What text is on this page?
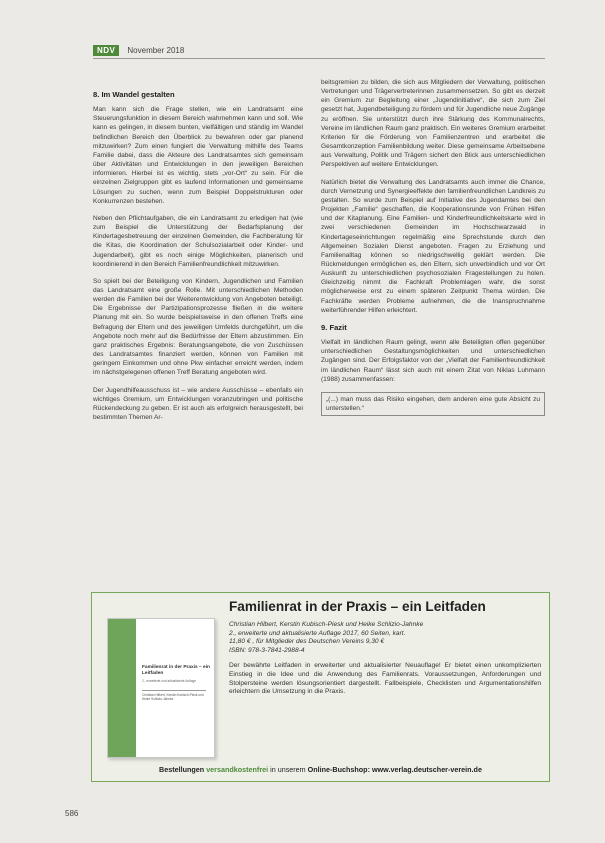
NDV	November 2018
8. Im Wandel gestalten

Man kann sich die Frage stellen, wie ein Landratsamt eine Steuerungsfunktion in diesem Bereich wahrnehmen kann und soll. Wie kann es gelingen, in diesem bunten, vielfältigen und ständig im Wandel befindlichen Bereich den Überblick zu bewahren oder gar planend mitzuwirken? Zum einen fungiert die Verwaltung mithilfe des Teams Familie dabei, dass die Akteure des Landratsamtes sich gemeinsam über Aktivitäten und Entwicklungen in den jeweiligen Bereichen informieren. Hierbei ist es wichtig, stets „vor-Ort“ zu sein. Für die einzelnen Zielgruppen gibt es laufend Informationen und gemeinsame Lösungen zu suchen, wenn zum Beispiel Doppelstrukturen oder Konkurrenzen bestehen.

Neben den Pflichtaufgaben, die ein Landratsamt zu erledigen hat (wie zum Beispiel die Unterstützung der Bedarfsplanung der Kindertagesbetreuung der einzelnen Gemeinden, die Fachberatung für die Kitas, die Koordination der Schulsozialarbeit oder Kinder- und Jugendarbeit), gibt es noch einige Möglichkeiten, planerisch und koordinierend in den Bereich Familienfreundlichkeit mitzuwirken.

So spielt bei der Beteiligung von Kindern, Jugendlichen und Familien das Landratsamt eine große Rolle. Mit unterschiedlichen Methoden werden die Familien bei der Weiterentwicklung von Angeboten beteiligt. Die Ergebnisse der Partizipationsprozesse fließen in die weitere Planung mit ein. So wurde beispielsweise in den offenen Treffs eine Befragung der Eltern und des jeweiligen Umfelds durchgeführt, um die Angebote noch mehr auf die Bedürfnisse der Eltern abzustimmen. Ein ganz praktisches Ergebnis: Beratungsangebote, die von Zuschüssen des Landratsamtes finanziert werden, können von Familien mit geringem Einkommen und ohne Pkw einfacher erreicht werden, indem im nächstgelegenen offenen Treff Beratung angeboten wird.

Der Jugendhilfeausschuss ist – wie andere Ausschüsse – ebenfalls ein wichtiges Gremium, um Entwicklungen voranzubringen und politische Rückendeckung zu geben. Er ist auch als erfolgreich herausgestellt, bei bestimmten Themen Ar-

beitsgremien zu bilden, die sich aus Mitgliedern der Verwaltung, politischen Vertretungen und Trägervertreterinnen zusammensetzen. So gibt es derzeit ein Gremium zur Begleitung einer „Jugendinitiative“, die sich zum Ziel gesetzt hat, Jugendbeteiligung zu fördern und für Jugendliche neue Zugänge zu eröffnen. Sie unterstützt durch ihre Stärkung des Kommunalrechts, Vereine im ländlichen Raum ganz praktisch. Ein weiteres Gremium erarbeitet Kriterien für die Förderung von Familienzentren und erarbeitet die Gesamtkonzeption Familienbildung weiter. Diese gemeinsame Arbeitsebene aus Verwaltung, Politik und Trägern sichert den Blick aus unterschiedlichen Perspektiven auf weitere Entwicklungen.

Natürlich bietet die Verwaltung des Landratsamts auch immer die Chance, durch Vernetzung und Synergieeffekte den familienfreundlichen Landkreis zu gestalten. So wurde zum Beispiel auf Initiative des Jugendamtes bei den Projekten „Familie“ geschaffen, die Kooperationsrunde von Frühen Hilfen und der Kitaplanung. Eine Familien- und Kinderfreundlichkeitskarte wird in zwei verschiedenen Gemeinden im Hochschwarzwald in Kindertageseinrichtungen regelmäßig eine Sprechstunde durch den Allgemeinen Sozialen Dienst angeboten. Fragen zu Erziehung und Familienalltag können so niedrigschwellig geklärt werden. Die Rückmeldungen ermöglichen es, den Eltern, sich unverbindlich und vor Ort Auskunft zu unterschiedlichen psychosozialen Fragestellungen zu holen. Gleichzeitig nimmt die Fachkraft Problemlagen wahr, die sonst möglicherweise erst zu einem späteren Zeitpunkt Thema würden. Die Fachkräfte werden Probleme aufnehmen, die die Inanspruchnahme weiterführender Hilfen erleichtert.

9. Fazit

Vielfalt im ländlichen Raum gelingt, wenn alle Beteiligten offen gegenüber unterschiedlichen Gestaltungsmöglichkeiten und unterschiedlichen Zugängen sind. Der Erfolgsfaktor von der „Vielfalt der Familienfreundlichkeit im ländlichen Raum“ lässt sich auch mit einem Zitat von Niklas Luhmann (1988) zusammenfassen:

„(...) man muss das Risiko eingehen, dem anderen eine gute Absicht zu unterstellen.“
Familienrat in der Praxis – ein Leitfaden
2., erweiterte und aktualisierte Auflage
Christian Hilbert, Kerstin Kubisch-Piesk und Heike Schlizio-Jahnke
Familienrat in der Praxis – ein Leitfaden
Christian Hilbert, Kerstin Kubisch-Piesk und Heike Schlizio-Jahnke
2., erweiterte und aktualisierte Auflage 2017, 60 Seiten, kart.
11,80 € , für Mitglieder des Deutschen Vereins 9,30 €
ISBN: 978-3-7841-2988-4

Der bewährte Leitfaden in erweiterter und aktualisierter Neuauflage! Er bietet einen unkomplizierten Einstieg in die Idee und die Anwendung des Familienrats. Voraussetzungen, Anforderungen und Stolpersteine werden lösungsorientiert dargestellt. Fallbeispiele, Checklisten und Argumentationshilfen erleichtern die Umsetzung in die Praxis.

Bestellungen versandkostenfrei in unserem Online-Buchshop: www.verlag.deutscher-verein.de
586
